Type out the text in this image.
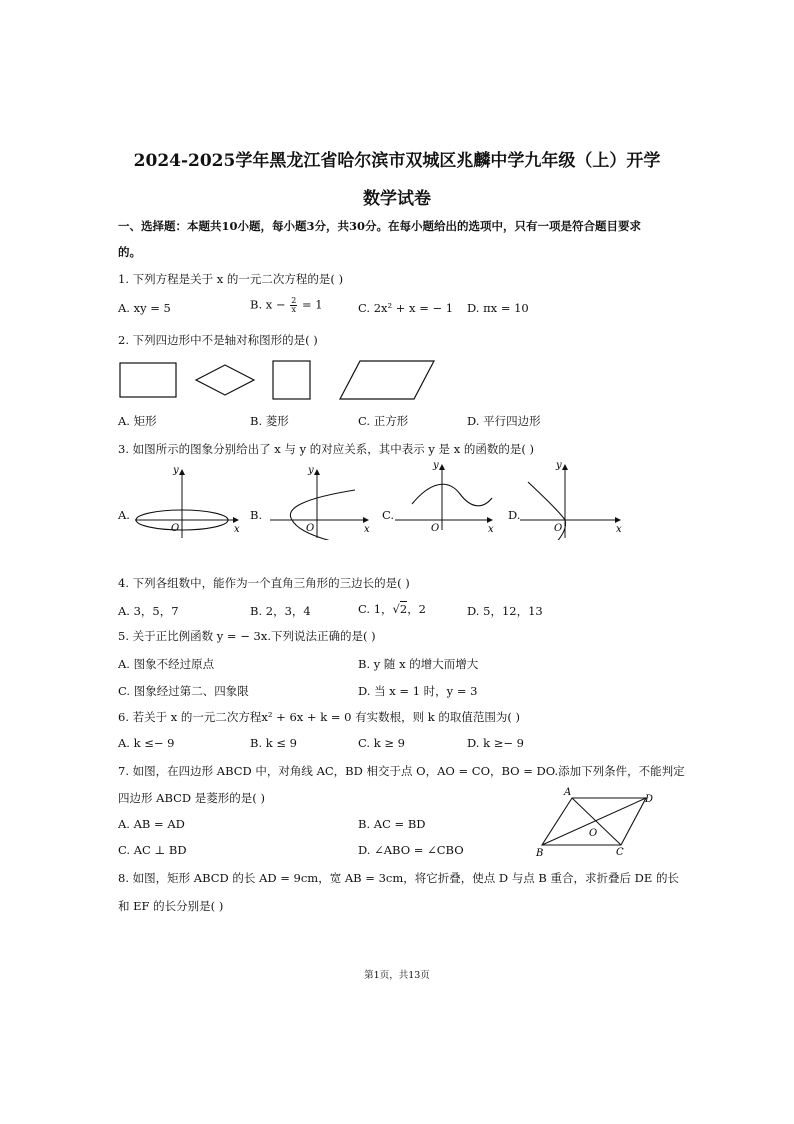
2024-2025学年黑龙江省哈尔滨市双城区兆麟中学九年级（上）开学
数学试卷
一、选择题：本题共10小题，每小题3分，共30分。在每小题给出的选项中，只有一项是符合题目要求
的。
1. 下列方程是关于 x 的一元二次方程的是( )
A. xy = 5	B. $x - \frac{2}{x} = 1$	C. 2x² + x = − 1 D. πx = 10
2. 下列四边形中不是轴对称图形的是( )
A. 矩形	B. 菱形	C. 正方形	D. 平行四边形
3. 如图所示的图象分别给出了 x 与 y 的对应关系，其中表示 y 是 x 的函数的是( )
A.	B.	C.	D.
x
y
O	x
y
O	x
y
O	x
y
O
4. 下列各组数中，能作为一个直角三角形的三边长的是( )
A. 3，5，7	B. 2，3，4	C. 1，√2，2	D. 5，12，13
5. 关于正比例函数 y = − 3x.下列说法正确的是( )
A. 图象不经过原点	B. y 随 x 的增大而增大
C. 图象经过第二、四象限	D. 当 x = 1 时，y = 3
6. 若关于 x 的一元二次方程x² + 6x + k = 0 有实数根，则 k 的取值范围为( )
A. k ≤− 9	B. k ≤ 9	C. k ≥ 9	D. k ≥− 9
7. 如图，在四边形 ABCD 中，对角线 AC，BD 相交于点 O，AO = CO，BO = DO.添加下列条件，不能判定
四边形 ABCD 是菱形的是( )
A. AB = AD	B. AC = BD
C. AC ⊥ BD	D. ∠ABO = ∠CBO
A
D
B	C
O
8. 如图，矩形 ABCD 的长 AD = 9cm，宽 AB = 3cm，将它折叠，使点 D 与点 B 重合，求折叠后 DE 的长
和 EF 的长分别是( )
第1页，共13页
